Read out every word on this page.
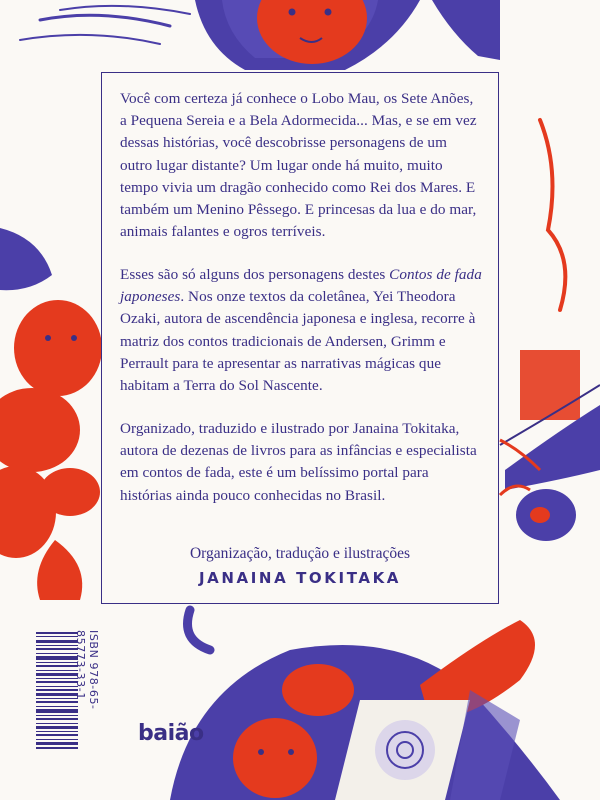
Você com certeza já conhece o Lobo Mau, os Sete Anões, a Pequena Sereia e a Bela Adormecida... Mas, e se em vez dessas histórias, você descobrisse personagens de um outro lugar distante? Um lugar onde há muito, muito tempo vivia um dragão conhecido como Rei dos Mares. E também um Menino Pêssego. E princesas da lua e do mar, animais falantes e ogros terríveis.

Esses são só alguns dos personagens destes Contos de fada japoneses. Nos onze textos da coletânea, Yei Theodora Ozaki, autora de ascendência japonesa e inglesa, recorre à matriz dos contos tradicionais de Andersen, Grimm e Perrault para te apresentar as narrativas mágicas que habitam a Terra do Sol Nascente.

Organizado, traduzido e ilustrado por Janaina Tokitaka, autora de dezenas de livros para as infâncias e especialista em contos de fada, este é um belíssimo portal para histórias ainda pouco conhecidas no Brasil.

Organização, tradução e ilustrações
JANAINA TOKITAKA
ISBN 978-65-85773-33-1
baião
